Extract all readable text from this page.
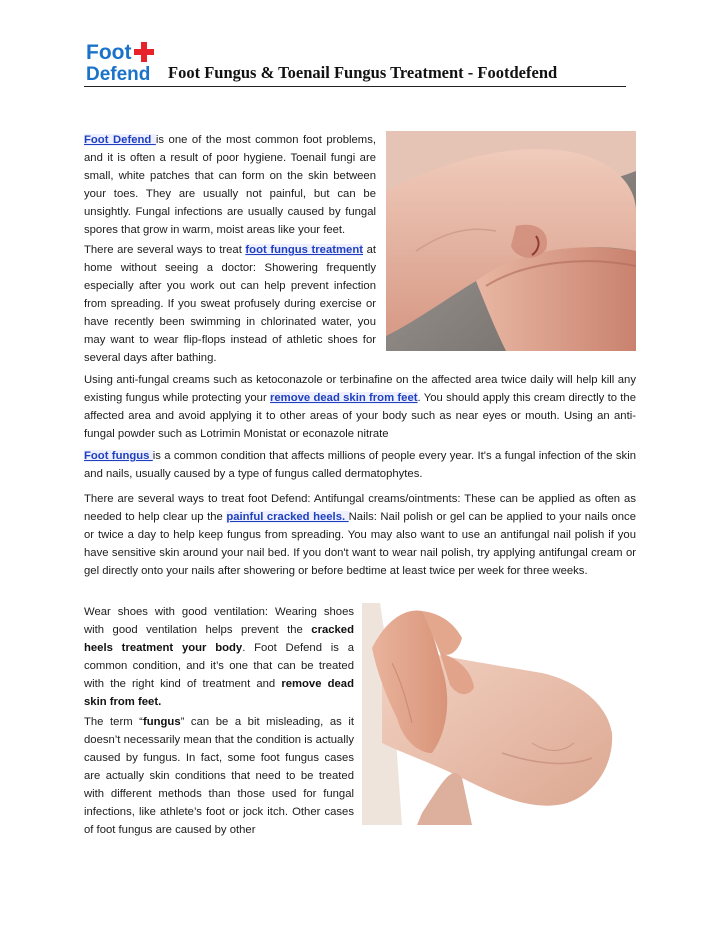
Foot
Defend Foot Fungus & Toenail Fungus Treatment - Footdefend

Foot Defend is one of the most common foot problems, and it is often a result of poor hygiene. Toenail fungi are small, white patches that can form on the skin between your toes. They are usually not painful, but can be unsightly. Fungal infections are usually caused by fungal spores that grow in warm, moist areas like your feet.

There are several ways to treat foot fungus treatment at home without seeing a doctor: Showering frequently especially after you work out can help prevent infection from spreading. If you sweat profusely during exercise or have recently been swimming in chlorinated water, you may want to wear flip-flops instead of athletic shoes for several days after bathing.

Using anti-fungal creams such as ketoconazole or terbinafine on the affected area twice daily will help kill any existing fungus while protecting your remove dead skin from feet. You should apply this cream directly to the affected area and avoid applying it to other areas of your body such as near eyes or mouth. Using an anti-fungal powder such as Lotrimin Monistat or econazole nitrate

Foot fungus is a common condition that affects millions of people every year. It's a fungal infection of the skin and nails, usually caused by a type of fungus called dermatophytes.

There are several ways to treat foot Defend: Antifungal creams/ointments: These can be applied as often as needed to help clear up the painful cracked heels. Nails: Nail polish or gel can be applied to your nails once or twice a day to help keep fungus from spreading. You may also want to use an antifungal nail polish if you have sensitive skin around your nail bed. If you don't want to wear nail polish, try applying antifungal cream or gel directly onto your nails after showering or before bedtime at least twice per week for three weeks.

Wear shoes with good ventilation: Wearing shoes with good ventilation helps prevent the cracked heels treatment your body. Foot Defend is a common condition, and it’s one that can be treated with the right kind of treatment and remove dead skin from feet.

The term “fungus” can be a bit misleading, as it doesn’t necessarily mean that the condition is actually caused by fungus. In fact, some foot fungus cases are actually skin conditions that need to be treated with different methods than those used for fungal infections, like athlete’s foot or jock itch. Other cases of foot fungus are caused by other
